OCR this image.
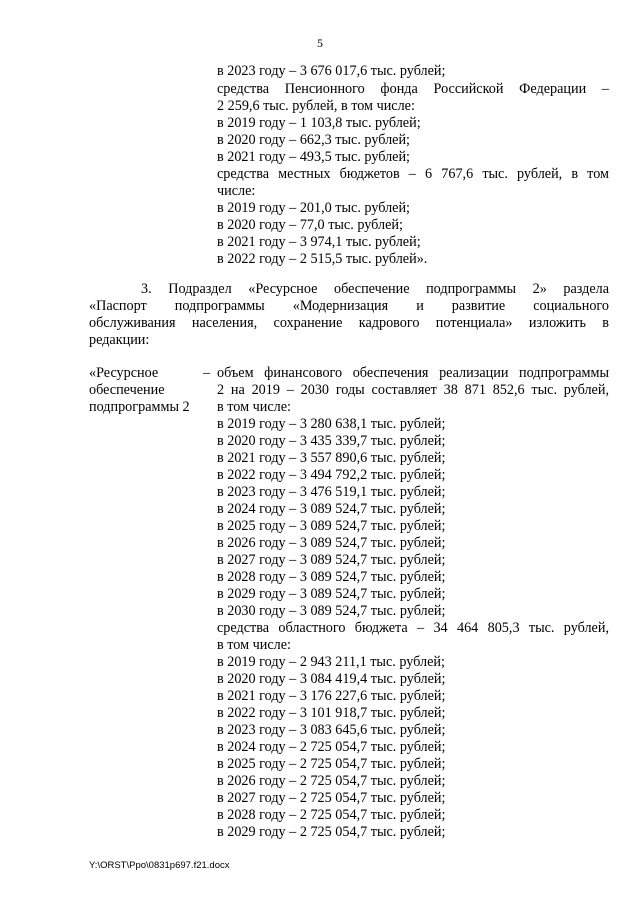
5
в 2023 году – 3 676 017,6 тыс. рублей;
средства Пенсионного фонда Российской Федерации –
2 259,6 тыс. рублей, в том числе:
в 2019 году – 1 103,8 тыс. рублей;
в 2020 году – 662,3 тыс. рублей;
в 2021 году – 493,5 тыс. рублей;
средства местных бюджетов – 6 767,6 тыс. рублей, в том
числе:
в 2019 году – 201,0 тыс. рублей;
в 2020 году – 77,0 тыс. рублей;
в 2021 году – 3 974,1 тыс. рублей;
в 2022 году – 2 515,5 тыс. рублей».
3. Подраздел «Ресурсное обеспечение подпрограммы 2» раздела
«Паспорт подпрограммы «Модернизация и развитие социального
обслуживания населения, сохранение кадрового потенциала» изложить в
редакции:
«Ресурсное
обеспечение
подпрограммы 2
– объем финансового обеспечения реализации подпрограммы
2 на 2019 – 2030 годы составляет 38 871 852,6 тыс. рублей,
в том числе:
в 2019 году – 3 280 638,1 тыс. рублей;
в 2020 году – 3 435 339,7 тыс. рублей;
в 2021 году – 3 557 890,6 тыс. рублей;
в 2022 году – 3 494 792,2 тыс. рублей;
в 2023 году – 3 476 519,1 тыс. рублей;
в 2024 году – 3 089 524,7 тыс. рублей;
в 2025 году – 3 089 524,7 тыс. рублей;
в 2026 году – 3 089 524,7 тыс. рублей;
в 2027 году – 3 089 524,7 тыс. рублей;
в 2028 году – 3 089 524,7 тыс. рублей;
в 2029 году – 3 089 524,7 тыс. рублей;
в 2030 году – 3 089 524,7 тыс. рублей;
средства областного бюджета – 34 464 805,3 тыс. рублей,
в том числе:
в 2019 году – 2 943 211,1 тыс. рублей;
в 2020 году – 3 084 419,4 тыс. рублей;
в 2021 году – 3 176 227,6 тыс. рублей;
в 2022 году – 3 101 918,7 тыс. рублей;
в 2023 году – 3 083 645,6 тыс. рублей;
в 2024 году – 2 725 054,7 тыс. рублей;
в 2025 году – 2 725 054,7 тыс. рублей;
в 2026 году – 2 725 054,7 тыс. рублей;
в 2027 году – 2 725 054,7 тыс. рублей;
в 2028 году – 2 725 054,7 тыс. рублей;
в 2029 году – 2 725 054,7 тыс. рублей;
Y:\ORST\Ppo\0831p697.f21.docx
